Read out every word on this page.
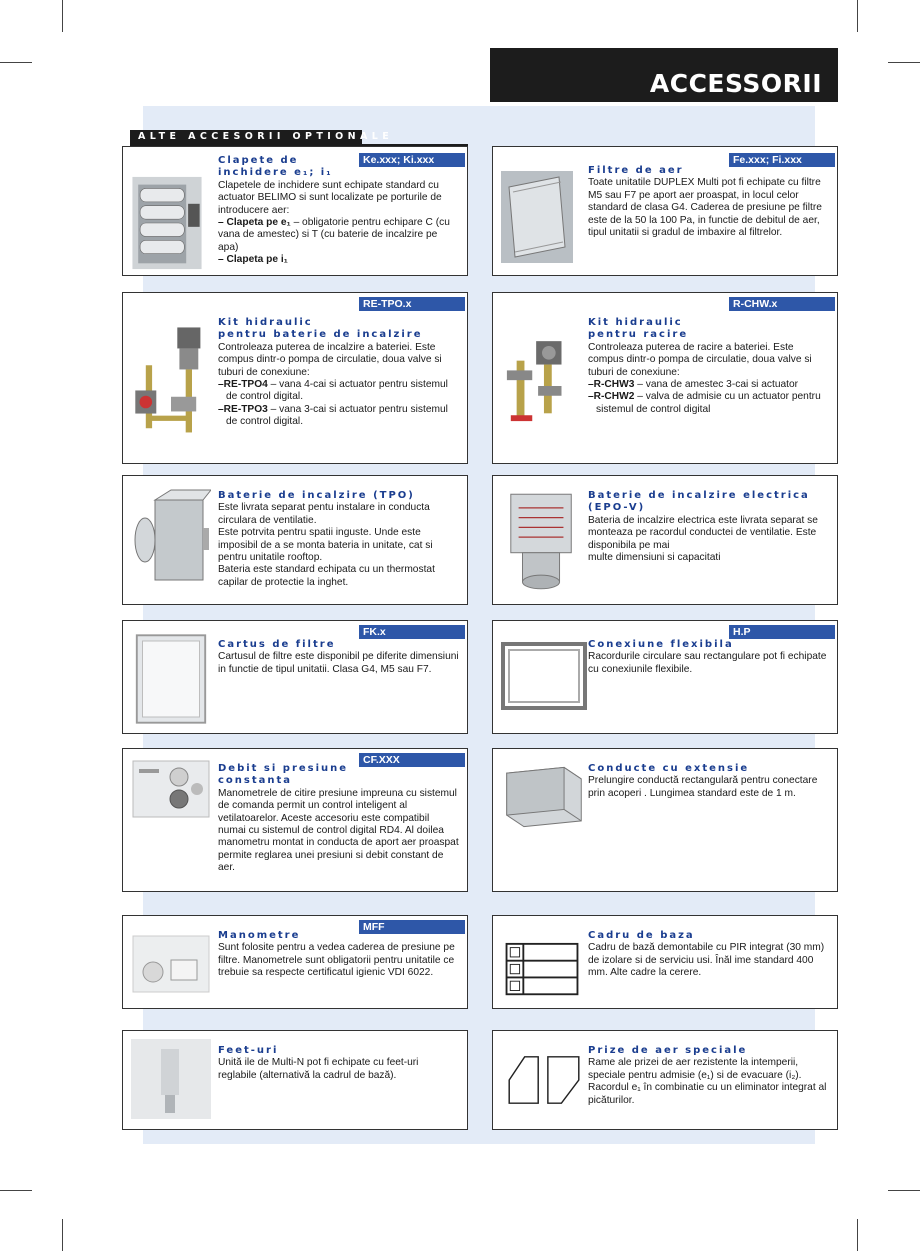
ACCESSORII
ALTE ACCESORII OPTIONALE
Ke.xxx; Ki.xxx
Clapete de
inchidere e₁; i₁
Clapetele de inchidere sunt echipate standard cu actuator BELIMO si sunt localizate pe porturile de introducere aer:
– Clapeta pe e₁ – obligatorie pentru echipare C (cu vana de amestec) si T (cu baterie de incalzire pe apa)
– Clapeta pe i₁
Fe.xxx; Fi.xxx
Filtre de aer
Toate unitatile DUPLEX Multi pot fi echipate cu filtre M5 sau F7 pe aport aer proaspat, in locul celor standard de clasa G4. Caderea de presiune pe filtre este de la 50 la 100 Pa, in functie de debitul de aer, tipul unitatii si gradul de imbaxire al filtrelor.
RE-TPO.x
Kit hidraulic
pentru baterie de incalzire
Controleaza puterea de incalzire a bateriei. Este compus dintr-o pompa de circulatie, doua valve si tuburi de conexiune:
–RE-TPO4 – vana 4-cai si actuator pentru sistemul de control digital.
–RE-TPO3 – vana 3-cai si actuator pentru sistemul de control digital.
R-CHW.x
Kit hidraulic
pentru racire
Controleaza puterea de racire a bateriei. Este compus dintr-o pompa de circulatie, doua valve si tuburi de conexiune:
–R-CHW3 – vana de amestec 3-cai si actuator
–R-CHW2 – valva de admisie cu un actuator pentru sistemul de control digital
Baterie de incalzire (TPO)
Este livrata separat pentu instalare in conducta circulara de ventilatie.
Este potrvita pentru spatii inguste. Unde este imposibil de a se monta bateria in unitate, cat si pentru unitatile rooftop.
Bateria este standard echipata cu un thermostat capilar de protectie la inghet.
Baterie de incalzire electrica
(EPO-V)
Bateria de incalzire electrica este livrata separat se monteaza pe racordul conductei de ventilatie. Este disponibila pe mai
multe dimensiuni si capacitati
FK.x
Cartus de filtre
Cartusul de filtre este disponibil pe diferite dimensiuni in functie de tipul unitatii. Clasa G4, M5 sau F7.
H.P
Conexiune flexibila
Racordurile circulare sau rectangulare pot fi echipate cu conexiunile flexibile.
CF.XXX
Debit si presiune
constanta
Manometrele de citire presiune impreuna cu sistemul de comanda permit un control inteligent al vetilatoarelor. Aceste accesoriu este compatibil numai cu sistemul de control digital RD4. Al doilea manometru montat in conducta de aport aer proaspat permite reglarea unei presiuni si debit constant de aer.
Conducte cu extensie
Prelungire conductă rectangulară pentru conectare prin acoperi . Lungimea standard este de 1 m.
MFF
Manometre
Sunt folosite pentru a vedea caderea de presiune pe filtre. Manometrele sunt obligatorii pentru unitatile ce trebuie sa respecte certificatul igienic VDI 6022.
Cadru de baza
Cadru de bază demontabile cu PIR integrat (30 mm) de izolare si de serviciu usi. Înăl ime standard 400 mm. Alte cadre la cerere.
Feet-uri
Unită ile de Multi-N pot fi echipate cu feet-uri reglabile (alternativă la cadrul de bază).
Prize de aer speciale
Rame ale prizei de aer rezistente la intemperii, speciale pentru admisie (e₁) si de evacuare (i₂). Racordul e₁ în combinatie cu un eliminator integrat al picăturilor.
